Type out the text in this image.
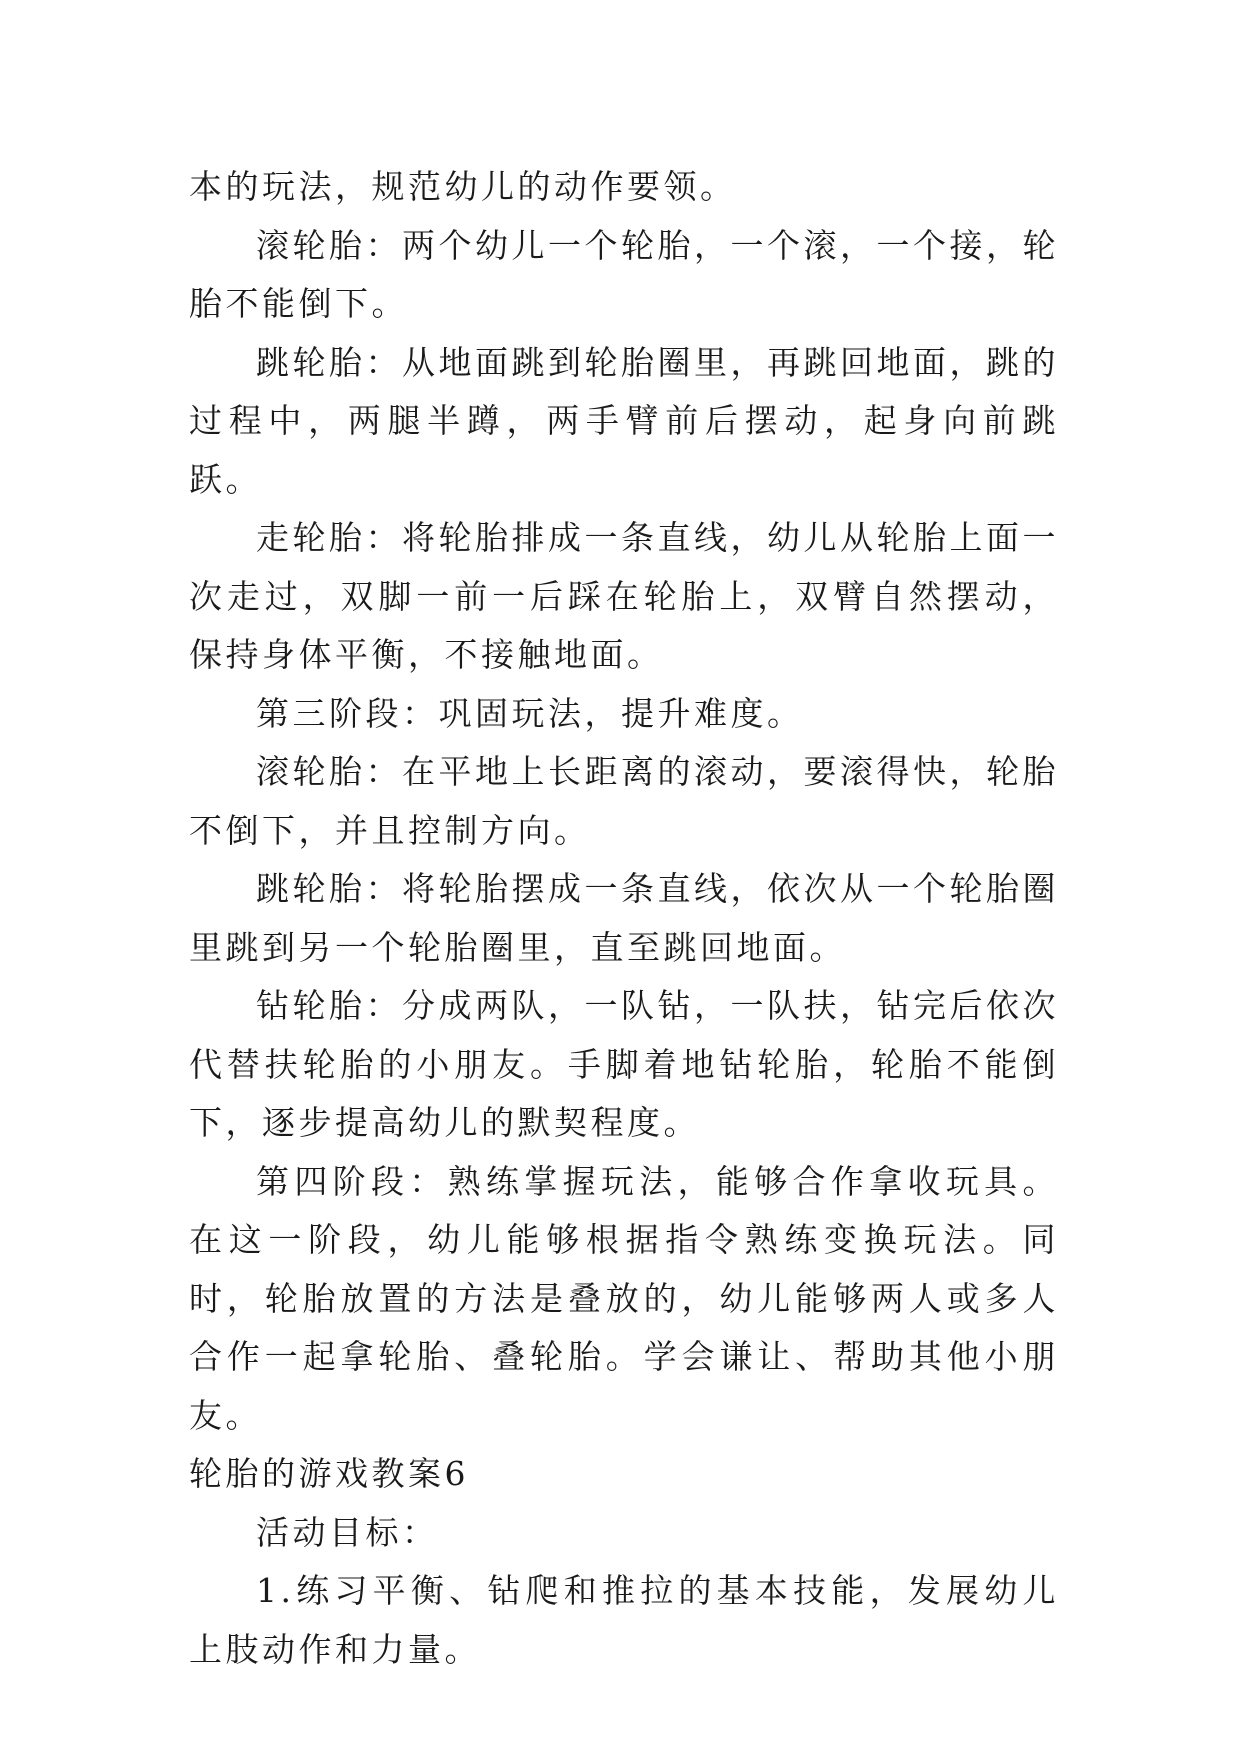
本的玩法，规范幼儿的动作要领。

滚轮胎：两个幼儿一个轮胎，一个滚，一个接，轮胎不能倒下。

跳轮胎：从地面跳到轮胎圈里，再跳回地面，跳的过程中，两腿半蹲，两手臂前后摆动，起身向前跳跃。

走轮胎：将轮胎排成一条直线，幼儿从轮胎上面一次走过，双脚一前一后踩在轮胎上，双臂自然摆动，保持身体平衡，不接触地面。

第三阶段：巩固玩法，提升难度。

滚轮胎：在平地上长距离的滚动，要滚得快，轮胎不倒下，并且控制方向。

跳轮胎：将轮胎摆成一条直线，依次从一个轮胎圈里跳到另一个轮胎圈里，直至跳回地面。

钻轮胎：分成两队，一队钻，一队扶，钻完后依次代替扶轮胎的小朋友。手脚着地钻轮胎，轮胎不能倒下，逐步提高幼儿的默契程度。

第四阶段：熟练掌握玩法，能够合作拿收玩具。 在这一阶段，幼儿能够根据指令熟练变换玩法。同时，轮胎放置的方法是叠放的，幼儿能够两人或多人合作一起拿轮胎、叠轮胎。学会谦让、帮助其他小朋友。

轮胎的游戏教案6

活动目标：

1.练习平衡、钻爬和推拉的基本技能，发展幼儿上肢动作和力量。
